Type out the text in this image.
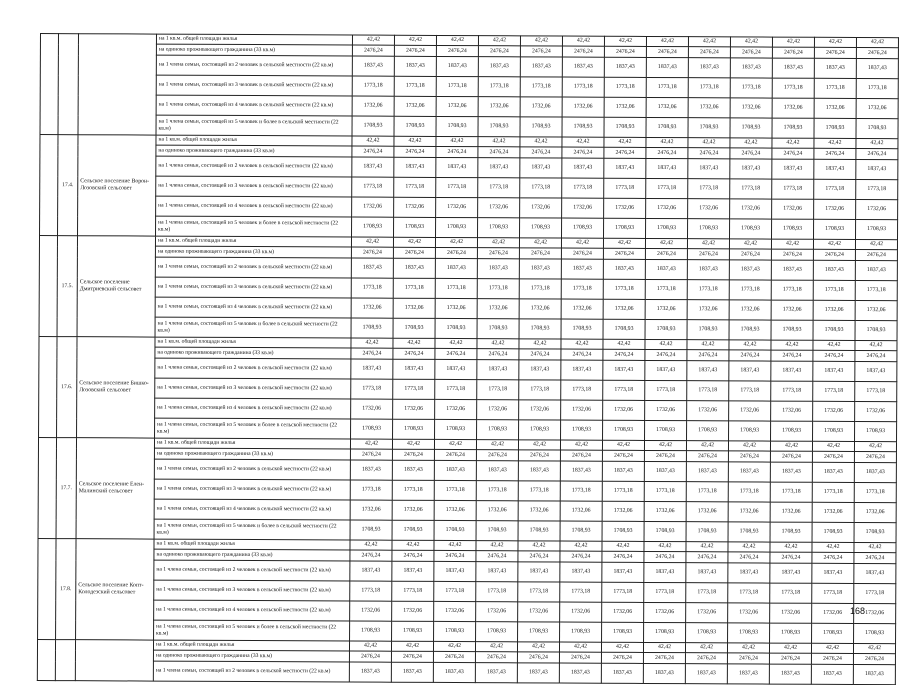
			на 1 кв.м. общей площади жилья	42,42	42,42	42,42	42,42	42,42	42,42	42,42	42,42	42,42	42,42	42,42	42,42	42,42
			на одиноко проживающего гражданина (33 кв.м)	2476,24	2476,24	2476,24	2476,24	2476,24	2476,24	2476,24	2476,24	2476,24	2476,24	2476,24	2476,24	2476,24
			на 1 члена семьи, состоящей из 2 человек в сельской местности (22 кв.м)	1837,43	1837,43	1837,43	1837,43	1837,43	1837,43	1837,43	1837,43	1837,43	1837,43	1837,43	1837,43	1837,43
			на 1 члена семьи, состоящей из 3 человек в сельской местности (22 кв.м)	1773,18	1773,18	1773,18	1773,18	1773,18	1773,18	1773,18	1773,18	1773,18	1773,18	1773,18	1773,18	1773,18
			на 1 члена семьи, состоящей из 4 человек в сельской местности (22 кв.м)	1732,06	1732,06	1732,06	1732,06	1732,06	1732,06	1732,06	1732,06	1732,06	1732,06	1732,06	1732,06	1732,06
			на 1 члена семьи, состоящей из 5 человек и более в сельской местности (22 кв.м)	1708,93	1708,93	1708,93	1708,93	1708,93	1708,93	1708,93	1708,93	1708,93	1708,93	1708,93	1708,93	1708,93
	17.4.	Сельское поселение Ворон-Лозовский сельсовет	на 1 кв.м. общей площади жилья	42,42	42,42	42,42	42,42	42,42	42,42	42,42	42,42	42,42	42,42	42,42	42,42	42,42
			на одиноко проживающего гражданина (33 кв.м)	2476,24	2476,24	2476,24	2476,24	2476,24	2476,24	2476,24	2476,24	2476,24	2476,24	2476,24	2476,24	2476,24
			на 1 члена семьи, состоящей из 2 человек в сельской местности (22 кв.м)	1837,43	1837,43	1837,43	1837,43	1837,43	1837,43	1837,43	1837,43	1837,43	1837,43	1837,43	1837,43	1837,43
			на 1 члена семьи, состоящей из 3 человек в сельской местности (22 кв.м)	1773,18	1773,18	1773,18	1773,18	1773,18	1773,18	1773,18	1773,18	1773,18	1773,18	1773,18	1773,18	1773,18
			на 1 члена семьи, состоящей из 4 человек в сельской местности (22 кв.м)	1732,06	1732,06	1732,06	1732,06	1732,06	1732,06	1732,06	1732,06	1732,06	1732,06	1732,06	1732,06	1732,06
			на 1 члена семьи, состоящей из 5 человек и более в сельской местности (22 кв.м)	1708,93	1708,93	1708,93	1708,93	1708,93	1708,93	1708,93	1708,93	1708,93	1708,93	1708,93	1708,93	1708,93
	17.5.	Сельское поселение Дмитриевский сельсовет	на 1 кв.м. общей площади жилья	42,42	42,42	42,42	42,42	42,42	42,42	42,42	42,42	42,42	42,42	42,42	42,42	42,42
			на одиноко проживающего гражданина (33 кв.м)	2476,24	2476,24	2476,24	2476,24	2476,24	2476,24	2476,24	2476,24	2476,24	2476,24	2476,24	2476,24	2476,24
			на 1 члена семьи, состоящей из 2 человек в сельской местности (22 кв.м)	1837,43	1837,43	1837,43	1837,43	1837,43	1837,43	1837,43	1837,43	1837,43	1837,43	1837,43	1837,43	1837,43
			на 1 члена семьи, состоящей из 3 человек в сельской местности (22 кв.м)	1773,18	1773,18	1773,18	1773,18	1773,18	1773,18	1773,18	1773,18	1773,18	1773,18	1773,18	1773,18	1773,18
			на 1 члена семьи, состоящей из 4 человек в сельской местности (22 кв.м)	1732,06	1732,06	1732,06	1732,06	1732,06	1732,06	1732,06	1732,06	1732,06	1732,06	1732,06	1732,06	1732,06
			на 1 члена семьи, состоящей из 5 человек и более в сельской местности (22 кв.м)	1708,93	1708,93	1708,93	1708,93	1708,93	1708,93	1708,93	1708,93	1708,93	1708,93	1708,93	1708,93	1708,93
	17.6.	Сельское поселение Бишко-Лозовский сельсовет	на 1 кв.м. общей площади жилья	42,42	42,42	42,42	42,42	42,42	42,42	42,42	42,42	42,42	42,42	42,42	42,42	42,42
			на одиноко проживающего гражданина (33 кв.м)	2476,24	2476,24	2476,24	2476,24	2476,24	2476,24	2476,24	2476,24	2476,24	2476,24	2476,24	2476,24	2476,24
			на 1 члена семьи, состоящей из 2 человек в сельской местности (22 кв.м)	1837,43	1837,43	1837,43	1837,43	1837,43	1837,43	1837,43	1837,43	1837,43	1837,43	1837,43	1837,43	1837,43
			на 1 члена семьи, состоящей из 3 человек в сельской местности (22 кв.м)	1773,18	1773,18	1773,18	1773,18	1773,18	1773,18	1773,18	1773,18	1773,18	1773,18	1773,18	1773,18	1773,18
			на 1 члена семьи, состоящей из 4 человек в сельской местности (22 кв.м)	1732,06	1732,06	1732,06	1732,06	1732,06	1732,06	1732,06	1732,06	1732,06	1732,06	1732,06	1732,06	1732,06
			на 1 члена семьи, состоящей из 5 человек и более в сельской местности (22 кв.м)	1708,93	1708,93	1708,93	1708,93	1708,93	1708,93	1708,93	1708,93	1708,93	1708,93	1708,93	1708,93	1708,93
	17.7.	Сельское поселение Елен-Малинский сельсовет	на 1 кв.м. общей площади жилья	42,42	42,42	42,42	42,42	42,42	42,42	42,42	42,42	42,42	42,42	42,42	42,42	42,42
			на одиноко проживающего гражданина (33 кв.м)	2476,24	2476,24	2476,24	2476,24	2476,24	2476,24	2476,24	2476,24	2476,24	2476,24	2476,24	2476,24	2476,24
			на 1 члена семьи, состоящей из 2 человек в сельской местности (22 кв.м)	1837,43	1837,43	1837,43	1837,43	1837,43	1837,43	1837,43	1837,43	1837,43	1837,43	1837,43	1837,43	1837,43
			на 1 члена семьи, состоящей из 3 человек в сельской местности (22 кв.м)	1773,18	1773,18	1773,18	1773,18	1773,18	1773,18	1773,18	1773,18	1773,18	1773,18	1773,18	1773,18	1773,18
			на 1 члена семьи, состоящей из 4 человек в сельской местности (22 кв.м)	1732,06	1732,06	1732,06	1732,06	1732,06	1732,06	1732,06	1732,06	1732,06	1732,06	1732,06	1732,06	1732,06
			на 1 члена семьи, состоящей из 5 человек и более в сельской местности (22 кв.м)	1708,93	1708,93	1708,93	1708,93	1708,93	1708,93	1708,93	1708,93	1708,93	1708,93	1708,93	1708,93	1708,93
	17.8.	Сельское поселение Копт-Колодезский сельсовет	на 1 кв.м. общей площади жилья	42,42	42,42	42,42	42,42	42,42	42,42	42,42	42,42	42,42	42,42	42,42	42,42	42,42
			на одиноко проживающего гражданина (33 кв.м)	2476,24	2476,24	2476,24	2476,24	2476,24	2476,24	2476,24	2476,24	2476,24	2476,24	2476,24	2476,24	2476,24
			на 1 члена семьи, состоящей из 2 человек в сельской местности (22 кв.м)	1837,43	1837,43	1837,43	1837,43	1837,43	1837,43	1837,43	1837,43	1837,43	1837,43	1837,43	1837,43	1837,43
			на 1 члена семьи, состоящей из 3 человек в сельской местности (22 кв.м)	1773,18	1773,18	1773,18	1773,18	1773,18	1773,18	1773,18	1773,18	1773,18	1773,18	1773,18	1773,18	1773,18
			на 1 члена семьи, состоящей из 4 человек в сельской местности (22 кв.м)	1732,06	1732,06	1732,06	1732,06	1732,06	1732,06	1732,06	1732,06	1732,06	1732,06	1732,06	1732,06	1732,06
			на 1 члена семьи, состоящей из 5 человек и более в сельской местности (22 кв.м)	1708,93	1708,93	1708,93	1708,93	1708,93	1708,93	1708,93	1708,93	1708,93	1708,93	1708,93	1708,93	1708,93
			на 1 кв.м. общей площади жилья	42,42	42,42	42,42	42,42	42,42	42,42	42,42	42,42	42,42	42,42	42,42	42,42	42,42
			на одиноко проживающего гражданина (33 кв.м)	2476,24	2476,24	2476,24	2476,24	2476,24	2476,24	2476,24	2476,24	2476,24	2476,24	2476,24	2476,24	2476,24
			на 1 члена семьи, состоящей из 2 человек в сельской местности (22 кв.м)	1837,43	1837,43	1837,43	1837,43	1837,43	1837,43	1837,43	1837,43	1837,43	1837,43	1837,43	1837,43	1837,43
168
